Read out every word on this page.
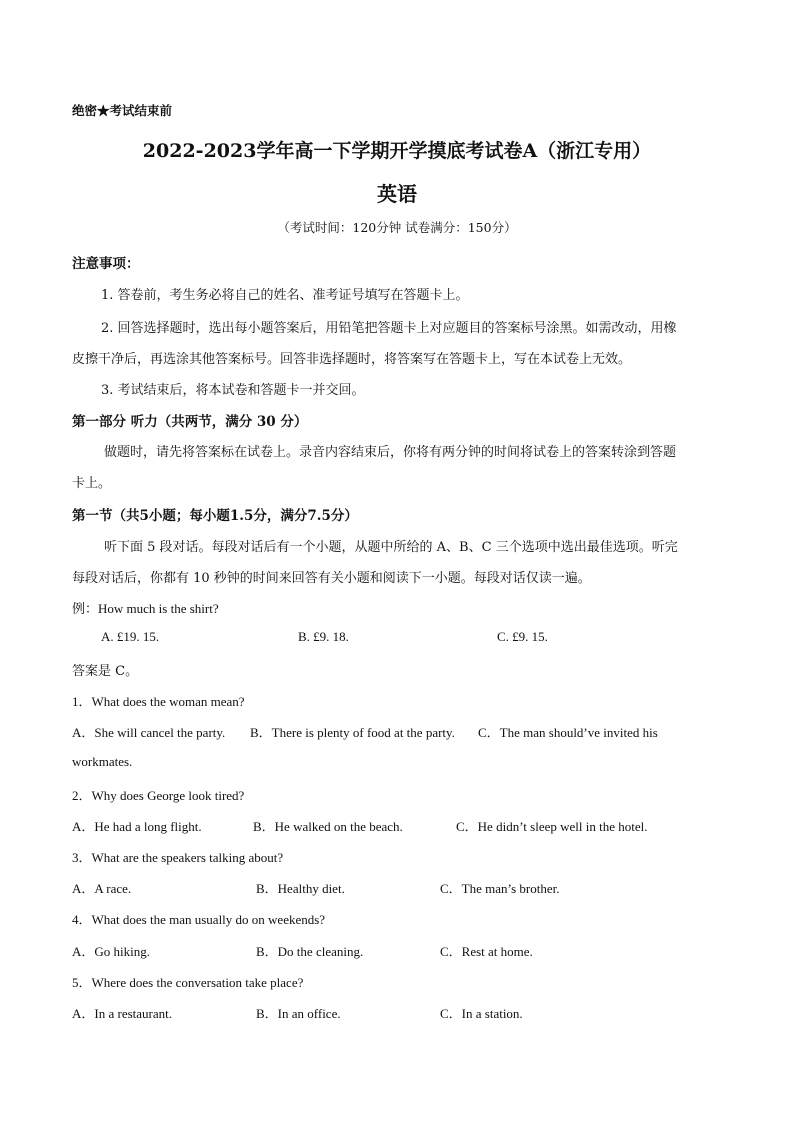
绝密★考试结束前
2022-2023学年高一下学期开学摸底考试卷A（浙江专用）
英语
（考试时间：120分钟 试卷满分：150分）
注意事项：
1. 答卷前，考生务必将自己的姓名、准考证号填写在答题卡上。
2. 回答选择题时，选出每小题答案后，用铅笔把答题卡上对应题目的答案标号涂黑。如需改动，用橡
皮擦干净后，再选涂其他答案标号。回答非选择题时，将答案写在答题卡上，写在本试卷上无效。
3. 考试结束后，将本试卷和答题卡一并交回。
第一部分 听力（共两节，满分 30 分）
做题时，请先将答案标在试卷上。录音内容结束后，你将有两分钟的时间将试卷上的答案转涂到答题
卡上。
第一节（共5小题；每小题1.5分，满分7.5分）
听下面 5 段对话。每段对话后有一个小题，从题中所给的 A、B、C 三个选项中选出最佳选项。听完
每段对话后，你都有 10 秒钟的时间来回答有关小题和阅读下一小题。每段对话仅读一遍。
例：How much is the shirt?
A. £19. 15.	B. £9. 18.	C. £9. 15.
答案是 C。
1．What does the woman mean?
A．She will cancel the party. B．There is plenty of food at the party. C．The man should’ve invited his
workmates.
2．Why does George look tired?
A．He had a long flight.	B．He walked on the beach.	C．He didn’t sleep well in the hotel.
3．What are the speakers talking about?
A．A race.	B．Healthy diet.	C．The man’s brother.
4．What does the man usually do on weekends?
A．Go hiking.	B．Do the cleaning.	C．Rest at home.
5．Where does the conversation take place?
A．In a restaurant.	B．In an office.	C．In a station.
